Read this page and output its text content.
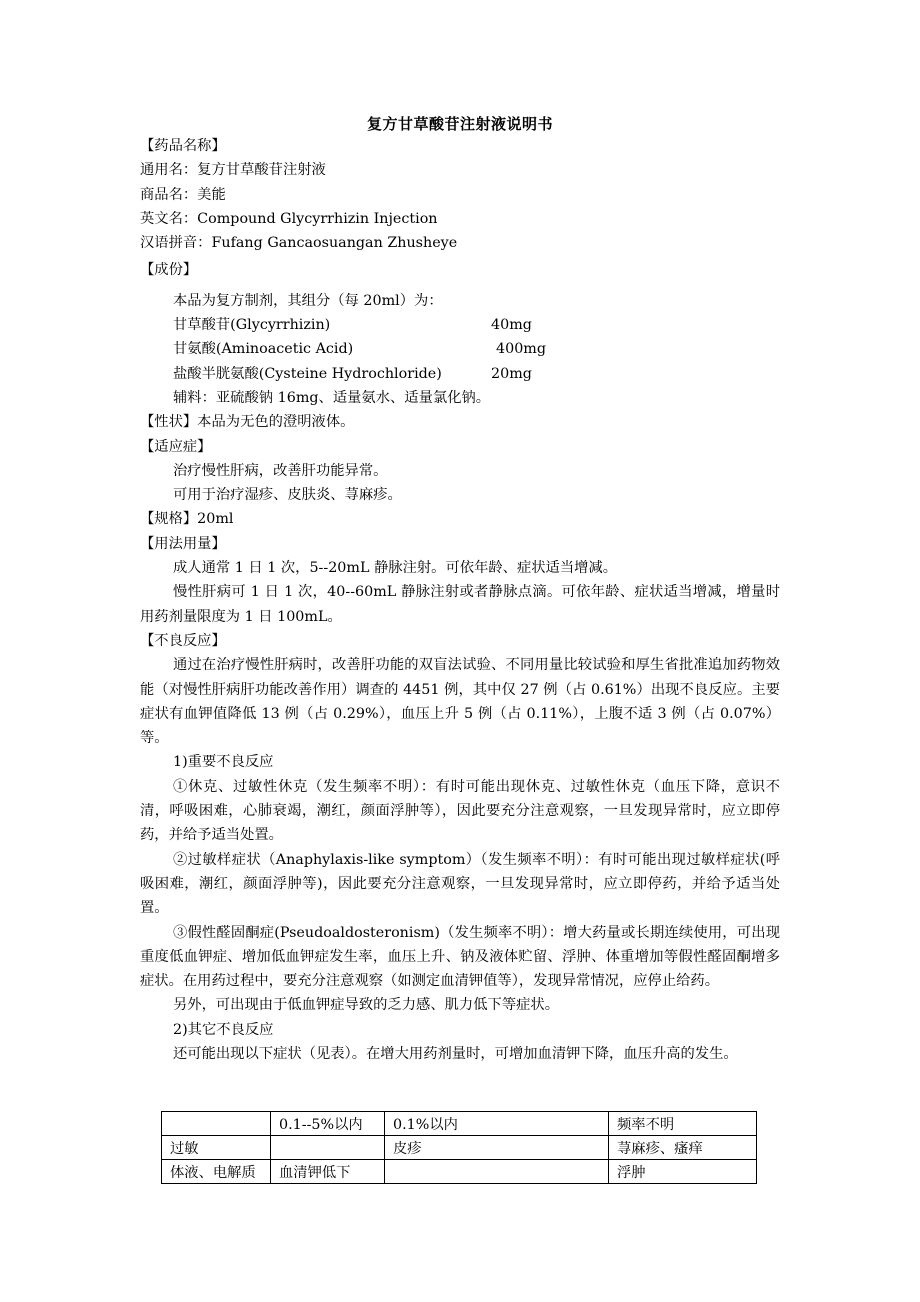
复方甘草酸苷注射液说明书
【药品名称】
通用名：复方甘草酸苷注射液
商品名：美能
英文名：Compound Glycyrrhizin Injection
汉语拼音：Fufang Gancaosuangan Zhusheye
【成份】
本品为复方制剂，其组分（每 20ml）为：
甘草酸苷(Glycyrrhizin)	40mg
甘氨酸(Aminoacetic Acid)	400mg
盐酸半胱氨酸(Cysteine Hydrochloride)	20mg
辅料：亚硫酸钠 16mg、适量氨水、适量氯化钠。
【性状】本品为无色的澄明液体。
【适应症】
治疗慢性肝病，改善肝功能异常。
可用于治疗湿疹、皮肤炎、荨麻疹。
【规格】20ml
【用法用量】
成人通常 1 日 1 次，5--20mL 静脉注射。可依年龄、症状适当增减。
慢性肝病可 1 日 1 次，40--60mL 静脉注射或者静脉点滴。可依年龄、症状适当增减，增量时用药剂量限度为 1 日 100mL。
【不良反应】
通过在治疗慢性肝病时，改善肝功能的双盲法试验、不同用量比较试验和厚生省批准追加药物效能（对慢性肝病肝功能改善作用）调查的 4451 例，其中仅 27 例（占 0.61%）出现不良反应。主要症状有血钾值降低 13 例（占 0.29%），血压上升 5 例（占 0.11%），上腹不适 3 例（占 0.07%）等。
1)重要不良反应
①休克、过敏性休克（发生频率不明）：有时可能出现休克、过敏性休克（血压下降，意识不清，呼吸困难，心肺衰竭，潮红，颜面浮肿等），因此要充分注意观察，一旦发现异常时，应立即停药，并给予适当处置。
②过敏样症状（Anaphylaxis-like symptom）（发生频率不明）：有时可能出现过敏样症状(呼吸困难，潮红，颜面浮肿等)，因此要充分注意观察，一旦发现异常时，应立即停药，并给予适当处置。
③假性醛固酮症(Pseudoaldosteronism)（发生频率不明）：增大药量或长期连续使用，可出现重度低血钾症、增加低血钾症发生率，血压上升、钠及液体贮留、浮肿、体重增加等假性醛固酮增多症状。在用药过程中，要充分注意观察（如测定血清钾值等），发现异常情况，应停止给药。
另外，可出现由于低血钾症导致的乏力感、肌力低下等症状。
2)其它不良反应
还可能出现以下症状（见表）。在增大用药剂量时，可增加血清钾下降，血压升高的发生。
	0.1--5%以内	0.1%以内	频率不明
过敏		皮疹	荨麻疹、瘙痒
体液、电解质	血清钾低下		浮肿
